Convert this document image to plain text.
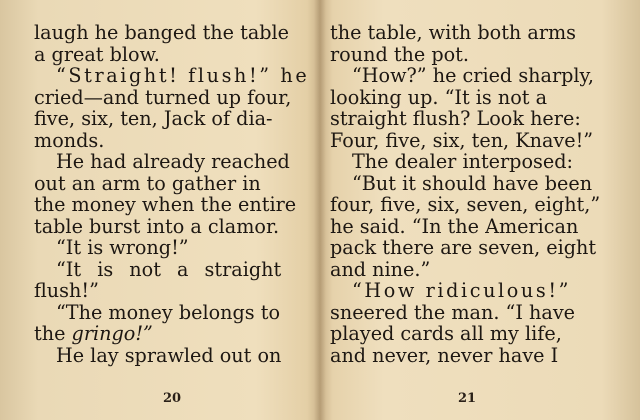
laugh he banged the table
a great blow.
“Straight! flush!” he
cried—and turned up four,
five, six, ten, Jack of dia-
monds.
He had already reached
out an arm to gather in
the money when the entire
table burst into a clamor.
“It is wrong!”
“It is not a straight
flush!”
“The money belongs to
the gringo!”
He lay sprawled out on
20
the table, with both arms
round the pot.
“How?” he cried sharply,
looking up. “It is not a
straight flush? Look here:
Four, five, six, ten, Knave!”
The dealer interposed:
“But it should have been
four, five, six, seven, eight,”
he said. “In the American
pack there are seven, eight
and nine.”
“How ridiculous!”
sneered the man. “I have
played cards all my life,
and never, never have I
21
